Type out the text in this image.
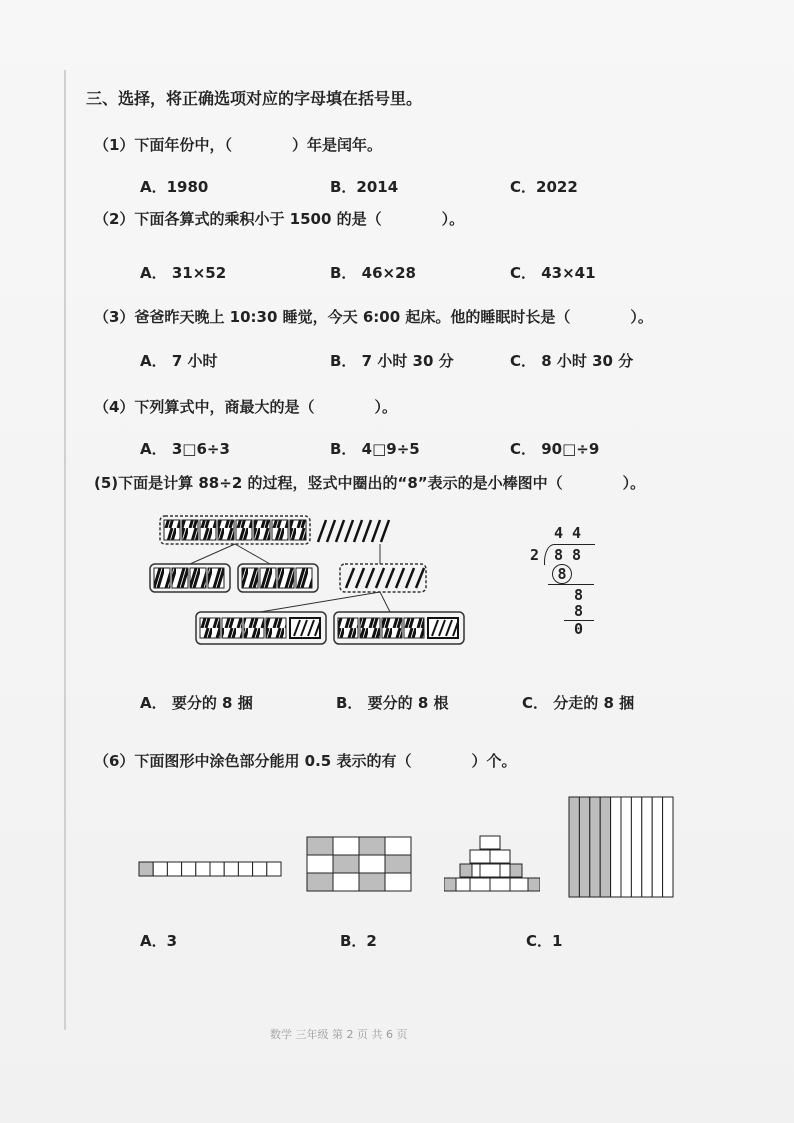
三、选择，将正确选项对应的字母填在括号里。
（1）下面年份中，（　　　　）年是闰年。
A．1980	B．2014	C．2022
（2）下面各算式的乘积小于 1500 的是（　　　　）。
A． 31×52	B． 46×28	C． 43×41
（3）爸爸昨天晚上 10:30 睡觉，今天 6:00 起床。他的睡眠时长是（　　　　）。
A． 7 小时	B． 7 小时 30 分	C． 8 小时 30 分
（4）下列算式中，商最大的是（　　　　）。
A． 3□6÷3	B． 4□9÷5	C． 90□÷9
(5)下面是计算 88÷2 的过程，竖式中圈出的“8”表示的是小棒图中（　　　　）。
4 4
2 8 8
8
8
8
0
A． 要分的 8 捆	B． 要分的 8 根	C． 分走的 8 捆
（6）下面图形中涂色部分能用 0.5 表示的有（　　　　）个。
A．3	B．2	C．1
数学 三年级 第 2 页 共 6 页
